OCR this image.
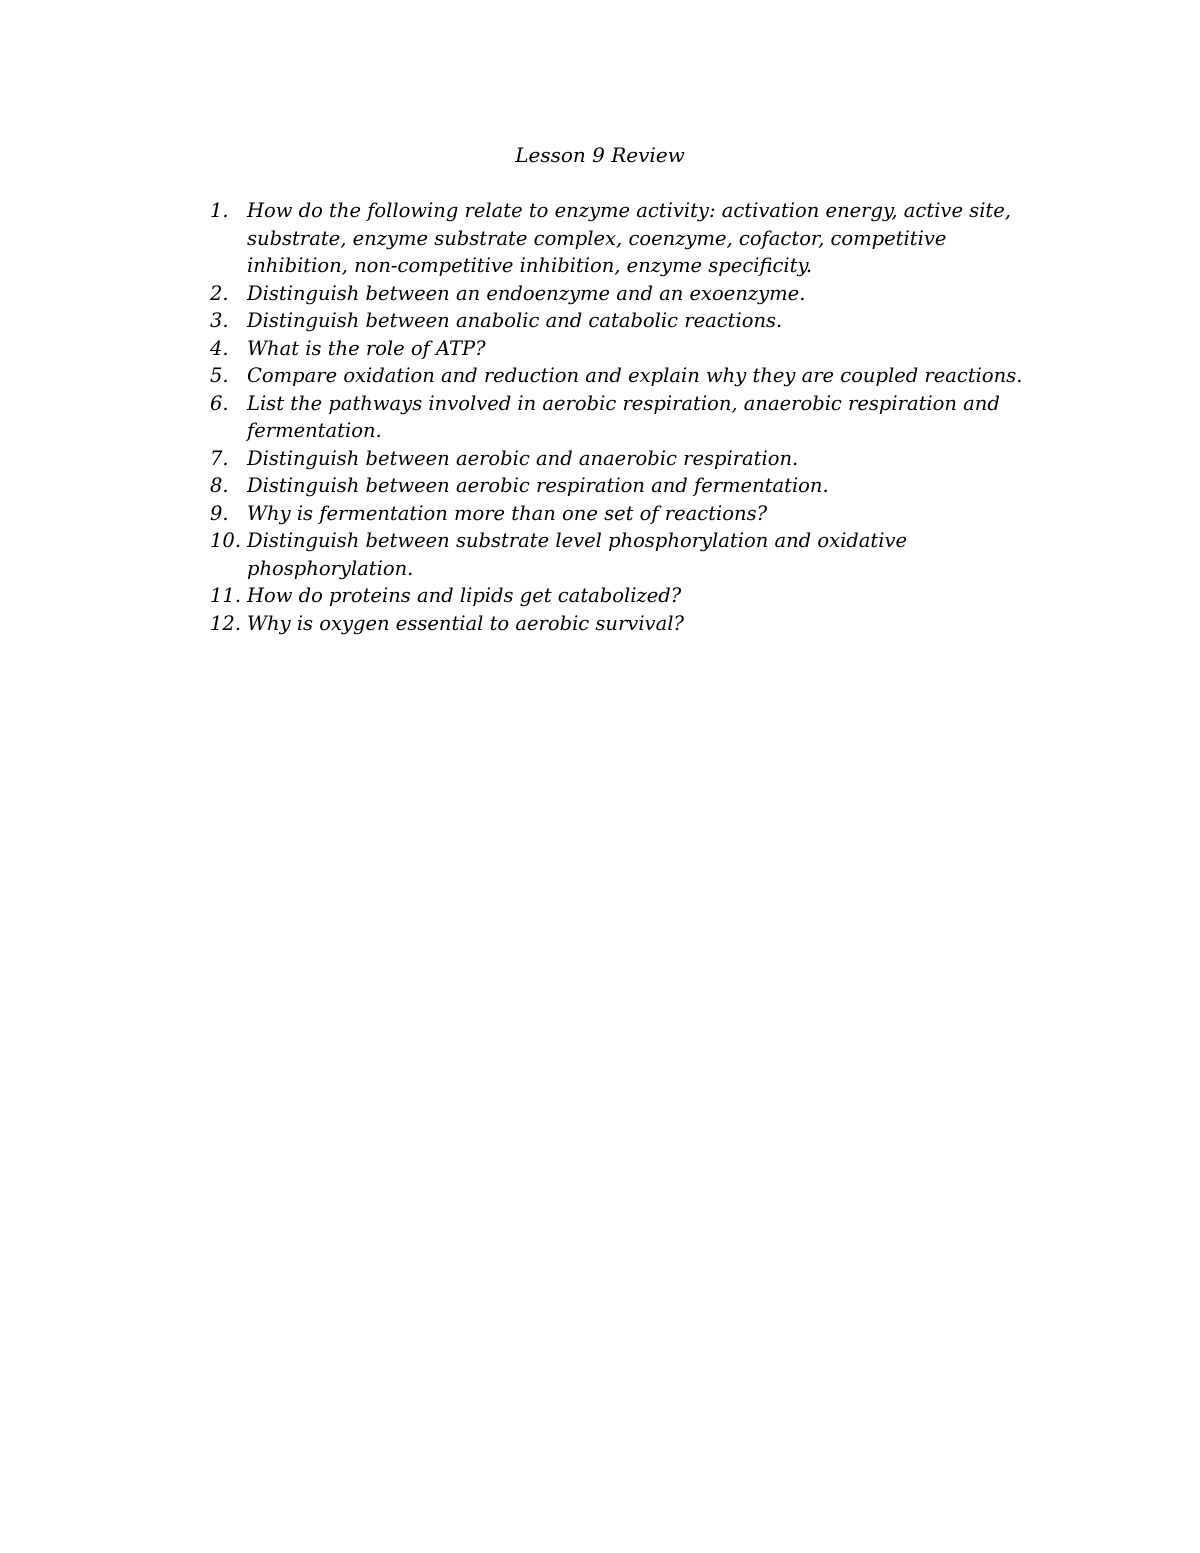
Lesson 9 Review
1. How do the following relate to enzyme activity: activation energy, active site, substrate, enzyme substrate complex, coenzyme, cofactor, competitive inhibition, non-competitive inhibition, enzyme specificity.
2. Distinguish between an endoenzyme and an exoenzyme.
3. Distinguish between anabolic and catabolic reactions.
4. What is the role of ATP?
5. Compare oxidation and reduction and explain why they are coupled reactions.
6. List the pathways involved in aerobic respiration, anaerobic respiration and fermentation.
7. Distinguish between aerobic and anaerobic respiration.
8. Distinguish between aerobic respiration and fermentation.
9. Why is fermentation more than one set of reactions?
10. Distinguish between substrate level phosphorylation and oxidative phosphorylation.
11. How do proteins and lipids get catabolized?
12. Why is oxygen essential to aerobic survival?
